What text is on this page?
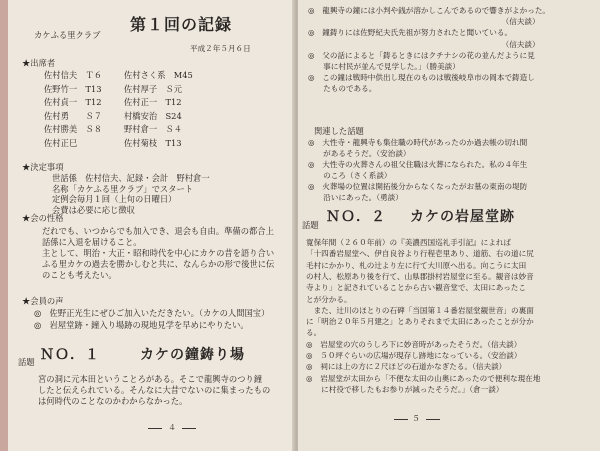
カケふる里クラブ
第１回の記録
平成２年５月６日
★出席者
佐村信夫　Ｔ６	佐村さく系　M45
佐野竹一　T13	佐村厚子　Ｓ元
佐村貞一　T12	佐村正一　T12
佐村勇　　Ｓ７	村橋安治　S24
佐村勝美　Ｓ８	野村倉一　Ｓ４
佐村正巳	佐村菊枝　T13
★決定事項
世話係　佐村信夫、記録・会計　野村倉一
名称「カケふる里クラブ」でスタート
定例会毎月１回（上旬の日曜日）
会費は必要に応じ徴収
★会の性格
だれでも、いつからでも加入でき、退会も自由。準備の都合上
話係に入退を届けること。
主として、明治・大正・昭和時代を中心にカケの昔を語り合い
ふる里カケの過去を勝かしむと共に、なんらかの形で後世に伝
のことも考えたい。
★会員の声
◎　佐野正光生にぜひご加入いただきたい。（カケの人間国宝）
◎　岩屋堂跡・鐘入り場跡の現地見学を早めにやりたい。
話題 ＮＯ．１	カケの鐘鋳り場
宮の洞に元本田ということろがある。そこで龍興寺のつり鐘
したと伝えられている。そんなに大昔でないのに集まったもの
は何時代のことなのかわからなかった。
４
◎　龍興寺の鐘には小判や銭が溶かしこんであるので響きがよかった。
　　　　　　　　　　　　　　　　　　　　　　　　　　（信夫談）
◎　鐘鋳りには佐野紀夫氏先祖が努力されたと聞いている。
　　　　　　　　　　　　　　　　　　　　　　　　　　（信夫談）
◎　父の話によると「鋳るときにはクチナシの花の並んだように見
　　事に村民が並んで見学した。」（勝美談）
◎　この鐘は戦時中供出し現在のものは戦後岐阜市の岡本で鋳造し
　　たものである。
関連した話題
◎　大性寺・龍興寺も集住職の時代があったのか過去帳の切れ間
　　があるそうだ。（安治談）
◎　大性寺の火葬さんの祖父住職は火葬になられた。私の４年生
　　のころ（さく系談）
◎　火葬場の位置は開拓後分からなくなったがお墓の東南の堤防
　　沿いにあった。（勇談）
話題 ＮＯ．２ カケの岩屋堂跡
寛保年間（２６０年前）の『美濃西国巡礼手引記』によれば
「十四番岩屋堂へ、伊自良谷より行程壱里あり、道筋、右の道に尻
毛村にかかり、札の辻より左に行て大川原へ出る。向こうに太田
の村人、松原あり後を行て、山県郡掛村岩屋堂に至る。観音は妙音
寺より」と記されていることから古い観音堂で、太田にあったこ
とが分かる。
　また、辻川のほとりの石碑「当国第１４番岩屋堂観世音」の裏面
に「明治２０年５月建之」とありそれまで太田にあったことが分か
る。
◎　岩屋堂の穴のうしろ下に妙音時があったそうだ。（信夫談）
◎　５０坪ぐらいの広場が現存し跡地になっている。（安治談）
◎　祠には上の方に２尺ほどの石道かなぎたる。（信夫談）
◎　岩屋堂が太田から「不便な太田の山奥にあったので便利な現在地
　　に村役で移したもお参りが減ったそうだ。」（倉一談）
５
